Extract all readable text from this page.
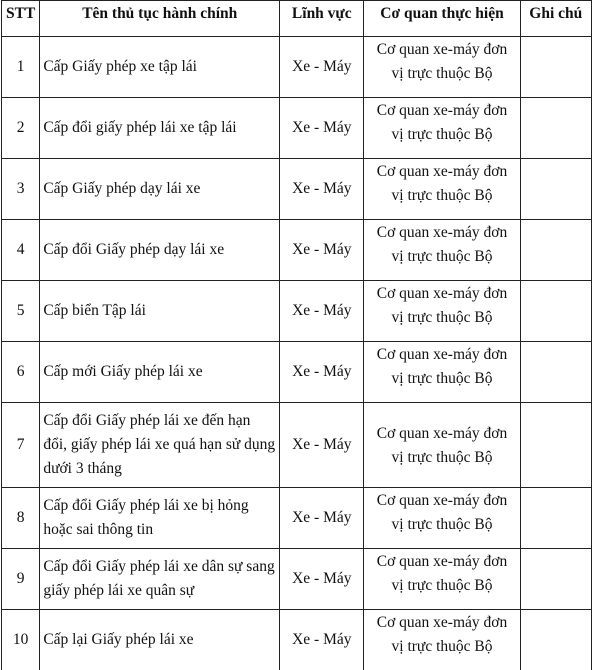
STT	Tên thủ tục hành chính	Lĩnh vực	Cơ quan thực hiện	Ghi chú
1	Cấp Giấy phép xe tập lái	Xe - Máy	Cơ quan xe-máy đơn
vị trực thuộc Bộ	
2	Cấp đổi giấy phép lái xe tập lái	Xe - Máy	Cơ quan xe-máy đơn
vị trực thuộc Bộ	
3	Cấp Giấy phép dạy lái xe	Xe - Máy	Cơ quan xe-máy đơn
vị trực thuộc Bộ	
4	Cấp đổi Giấy phép dạy lái xe	Xe - Máy	Cơ quan xe-máy đơn
vị trực thuộc Bộ	
5	Cấp biển Tập lái	Xe - Máy	Cơ quan xe-máy đơn
vị trực thuộc Bộ	
6	Cấp mới Giấy phép lái xe	Xe - Máy	Cơ quan xe-máy đơn
vị trực thuộc Bộ	
7	Cấp đổi Giấy phép lái xe đến hạn đổi, giấy phép lái xe quá hạn sử dụng dưới 3 tháng	Xe - Máy	Cơ quan xe-máy đơn
vị trực thuộc Bộ	
8	Cấp đổi Giấy phép lái xe bị hỏng hoặc sai thông tin	Xe - Máy	Cơ quan xe-máy đơn
vị trực thuộc Bộ	
9	Cấp đổi Giấy phép lái xe dân sự sang giấy phép lái xe quân sự	Xe - Máy	Cơ quan xe-máy đơn
vị trực thuộc Bộ	
10	Cấp lại Giấy phép lái xe	Xe - Máy	Cơ quan xe-máy đơn
vị trực thuộc Bộ	
